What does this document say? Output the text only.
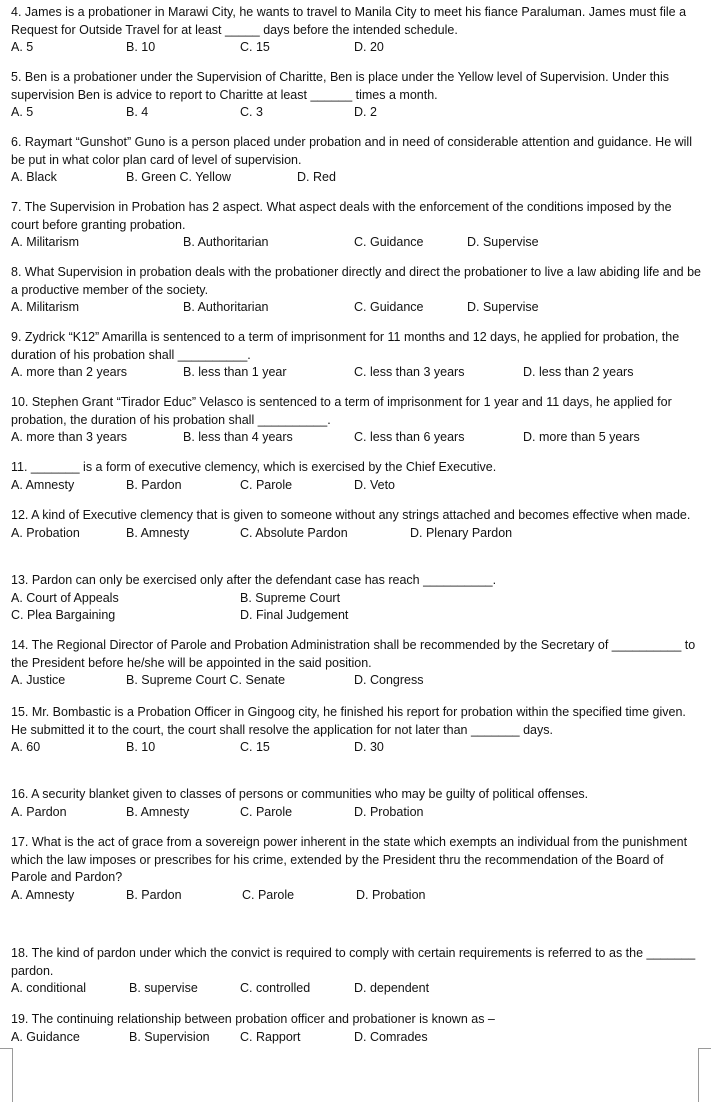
4. James is a probationer in Marawi City, he wants to travel to Manila City to meet his fiance Paraluman. James must file a Request for Outside Travel for at least _____ days before the intended schedule.
A. 5	B. 10	C. 15	D. 20
5. Ben is a probationer under the Supervision of Charitte, Ben is place under the Yellow level of Supervision. Under this supervision Ben is advice to report to Charitte at least ______ times a month.
A. 5	B. 4	C. 3	D. 2
6. Raymart “Gunshot” Guno is a person placed under probation and in need of considerable attention and guidance. He will be put in what color plan card of level of supervision.
A. Black	B. Green C. Yellow	D. Red
7. The Supervision in Probation has 2 aspect. What aspect deals with the enforcement of the conditions imposed by the court before granting probation.
A. Militarism	B. Authoritarian	C. Guidance	D. Supervise
8. What Supervision in probation deals with the probationer directly and direct the probationer to live a law abiding life and be a productive member of the society.
A. Militarism	B. Authoritarian	C. Guidance	D. Supervise
9. Zydrick “K12” Amarilla is sentenced to a term of imprisonment for 11 months and 12 days, he applied for probation, the duration of his probation shall __________.
A. more than 2 years	B. less than 1 year	C. less than 3 years	D. less than 2 years
10. Stephen Grant “Tirador Educ” Velasco is sentenced to a term of imprisonment for 1 year and 11 days, he applied for probation, the duration of his probation shall __________.
A. more than 3 years	B. less than 4 years	C. less than 6 years	D. more than 5 years
11. _______ is a form of executive clemency, which is exercised by the Chief Executive.
A. Amnesty	B. Pardon	C. Parole	D. Veto
12. A kind of Executive clemency that is given to someone without any strings attached and becomes effective when made.
A. Probation	B. Amnesty	C. Absolute Pardon	D. Plenary Pardon
13. Pardon can only be exercised only after the defendant case has reach __________.
A. Court of Appeals	B. Supreme Court
C. Plea Bargaining	D. Final Judgement
14. The Regional Director of Parole and Probation Administration shall be recommended by the Secretary of __________ to the President before he/she will be appointed in the said position.
A. Justice	B. Supreme Court C. Senate	D. Congress
15. Mr. Bombastic is a Probation Officer in Gingoog city, he finished his report for probation within the specified time given. He submitted it to the court, the court shall resolve the application for not later than _______ days.
A. 60	B. 10	C. 15	D. 30
16. A security blanket given to classes of persons or communities who may be guilty of political offenses.
A. Pardon	B. Amnesty	C. Parole	D. Probation
17. What is the act of grace from a sovereign power inherent in the state which exempts an individual from the punishment which the law imposes or prescribes for his crime, extended by the President thru the recommendation of the Board of Parole and Pardon?
A. Amnesty	B. Pardon	C. Parole	D. Probation
18. The kind of pardon under which the convict is required to comply with certain requirements is referred to as the _______ pardon.
A. conditional	B. supervise	C. controlled	D. dependent
19. The continuing relationship between probation officer and probationer is known as –
A. Guidance	B. Supervision C. Rapport	D. Comrades
